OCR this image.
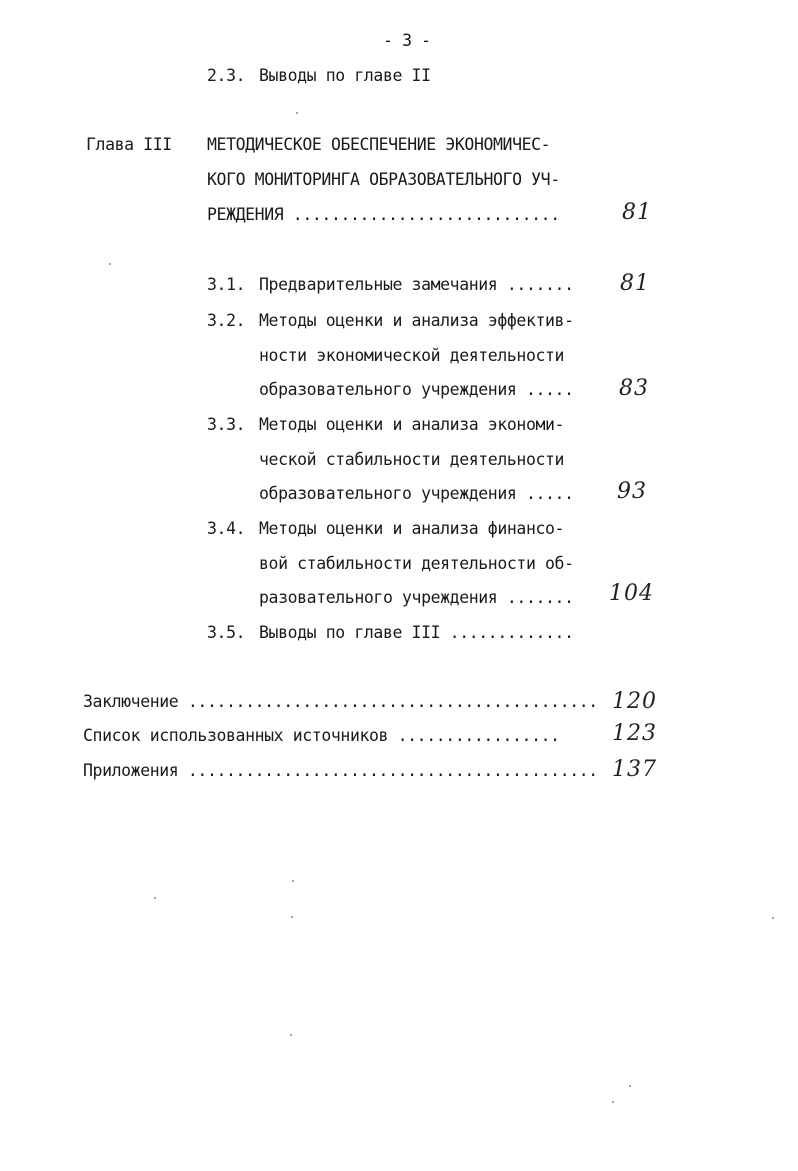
- 3 -
2.3. Выводы по главе II
Глава III МЕТОДИЧЕСКОЕ ОБЕСПЕЧЕНИЕ ЭКОНОМИЧЕС-
КОГО МОНИТОРИНГА ОБРАЗОВАТЕЛЬНОГО УЧ-
РЕЖДЕНИЯ ............................	81
3.1. Предварительные замечания ....... 81
3.2. Методы оценки и анализа эффектив-
ности экономической деятельности
образовательного учреждения ..... 83
3.3. Методы оценки и анализа экономи-
ческой стабильности деятельности
образовательного учреждения ..... 93
3.4. Методы оценки и анализа финансо-
вой стабильности деятельности об-
разовательного учреждения ....... 104
3.5. Выводы по главе III .............
Заключение ........................................... 120
Список использованных источников ................. 123
Приложения ........................................... 137
